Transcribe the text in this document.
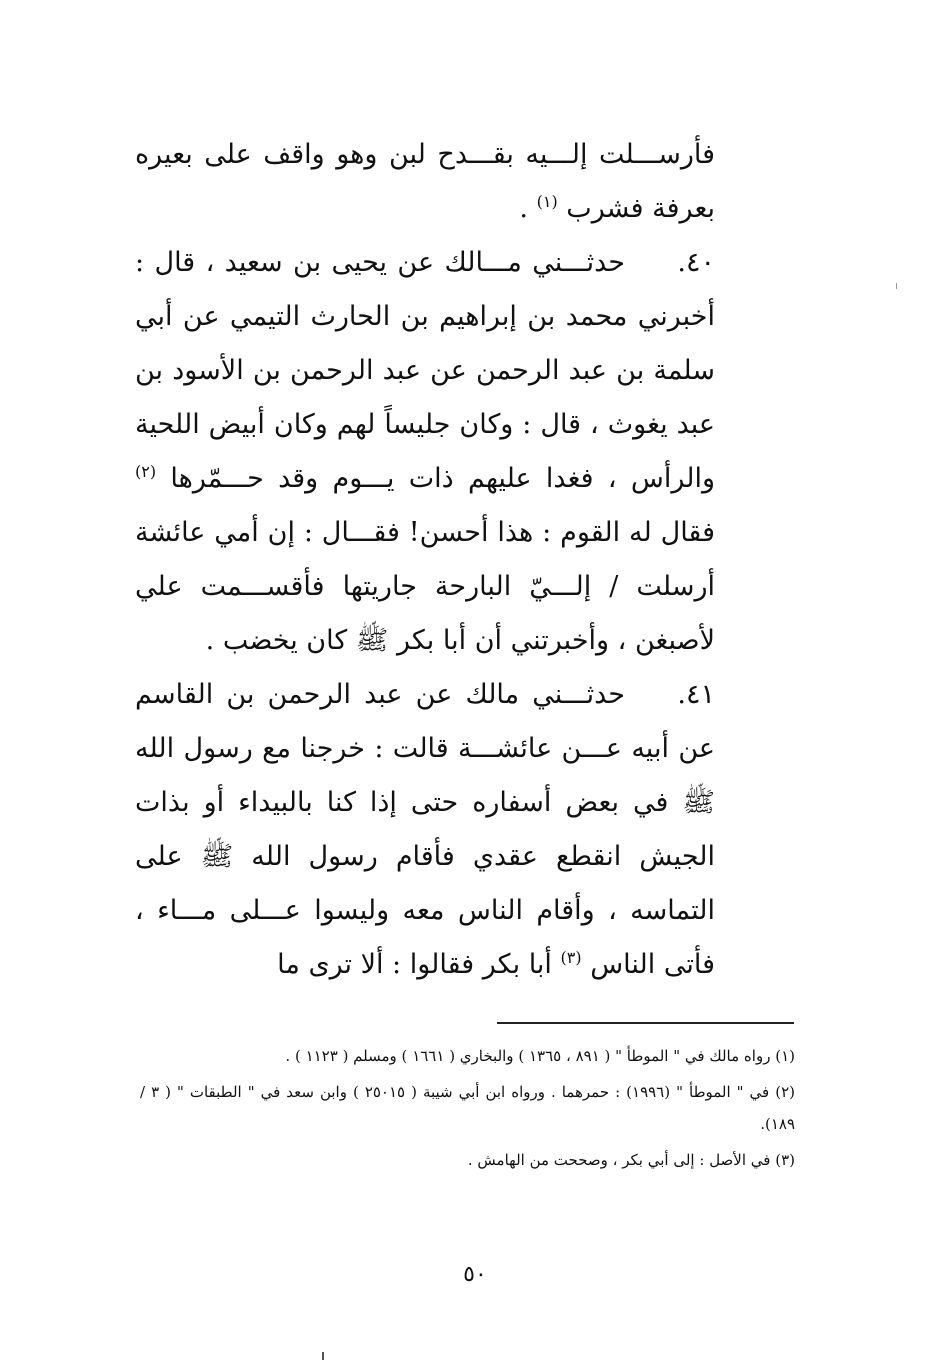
فأرســـلت إلـــيه بقـــدح لبن وهو واقف على بعيره بعرفة فشرب $^{(١)}$ .

٤٠.حدثـــني مـــالك عن يحيى بن سعيد ، قال : أخبرني محمد بن إبراهيم بن الحارث التيمي عن أبي سلمة بن عبد الرحمن عن عبد الرحمن بن الأسود بن عبد يغوث ، قال : وكان جليساً لهم وكان أبيض اللحية والرأس ، فغدا عليهم ذات يـــوم وقد حـــمّرها $^{(٢)}$ فقال له القوم : هذا أحسن! فقـــال : إن أمي عائشة أرسلت / إلـــيّ البارحة جاريتها فأقســـمت علي لأصبغن ، وأخبرتني أن أبا بكر ﷺ كان يخضب .

٤١.حدثـــني مالك عن عبد الرحمن بن القاسم عن أبيه عـــن عائشـــة قالت : خرجنا مع رسول الله ﷺ في بعض أسفاره حتى إذا كنا بالبيداء أو بذات الجيش انقطع عقدي فأقام رسول الله ﷺ على التماسه ، وأقام الناس معه وليسوا عـــلى مـــاء ، فأتى الناس $^{(٣)}$ أبا بكر فقالوا : ألا ترى ما

(١) رواه مالك في " الموطأ " ( ٨٩١ ، ١٣٦٥ ) والبخاري ( ١٦٦١ ) ومسلم ( ١١٢٣ ) .

(٢) في " الموطأ " (١٩٩٦) : حمرهما . ورواه ابن أبي شيبة ( ٢٥٠١٥ ) وابن سعد في " الطبقات " ( ٣ / ١٨٩).

(٣) في الأصل : إلى أبي بكر ، وصححت من الهامش .

٥٠
